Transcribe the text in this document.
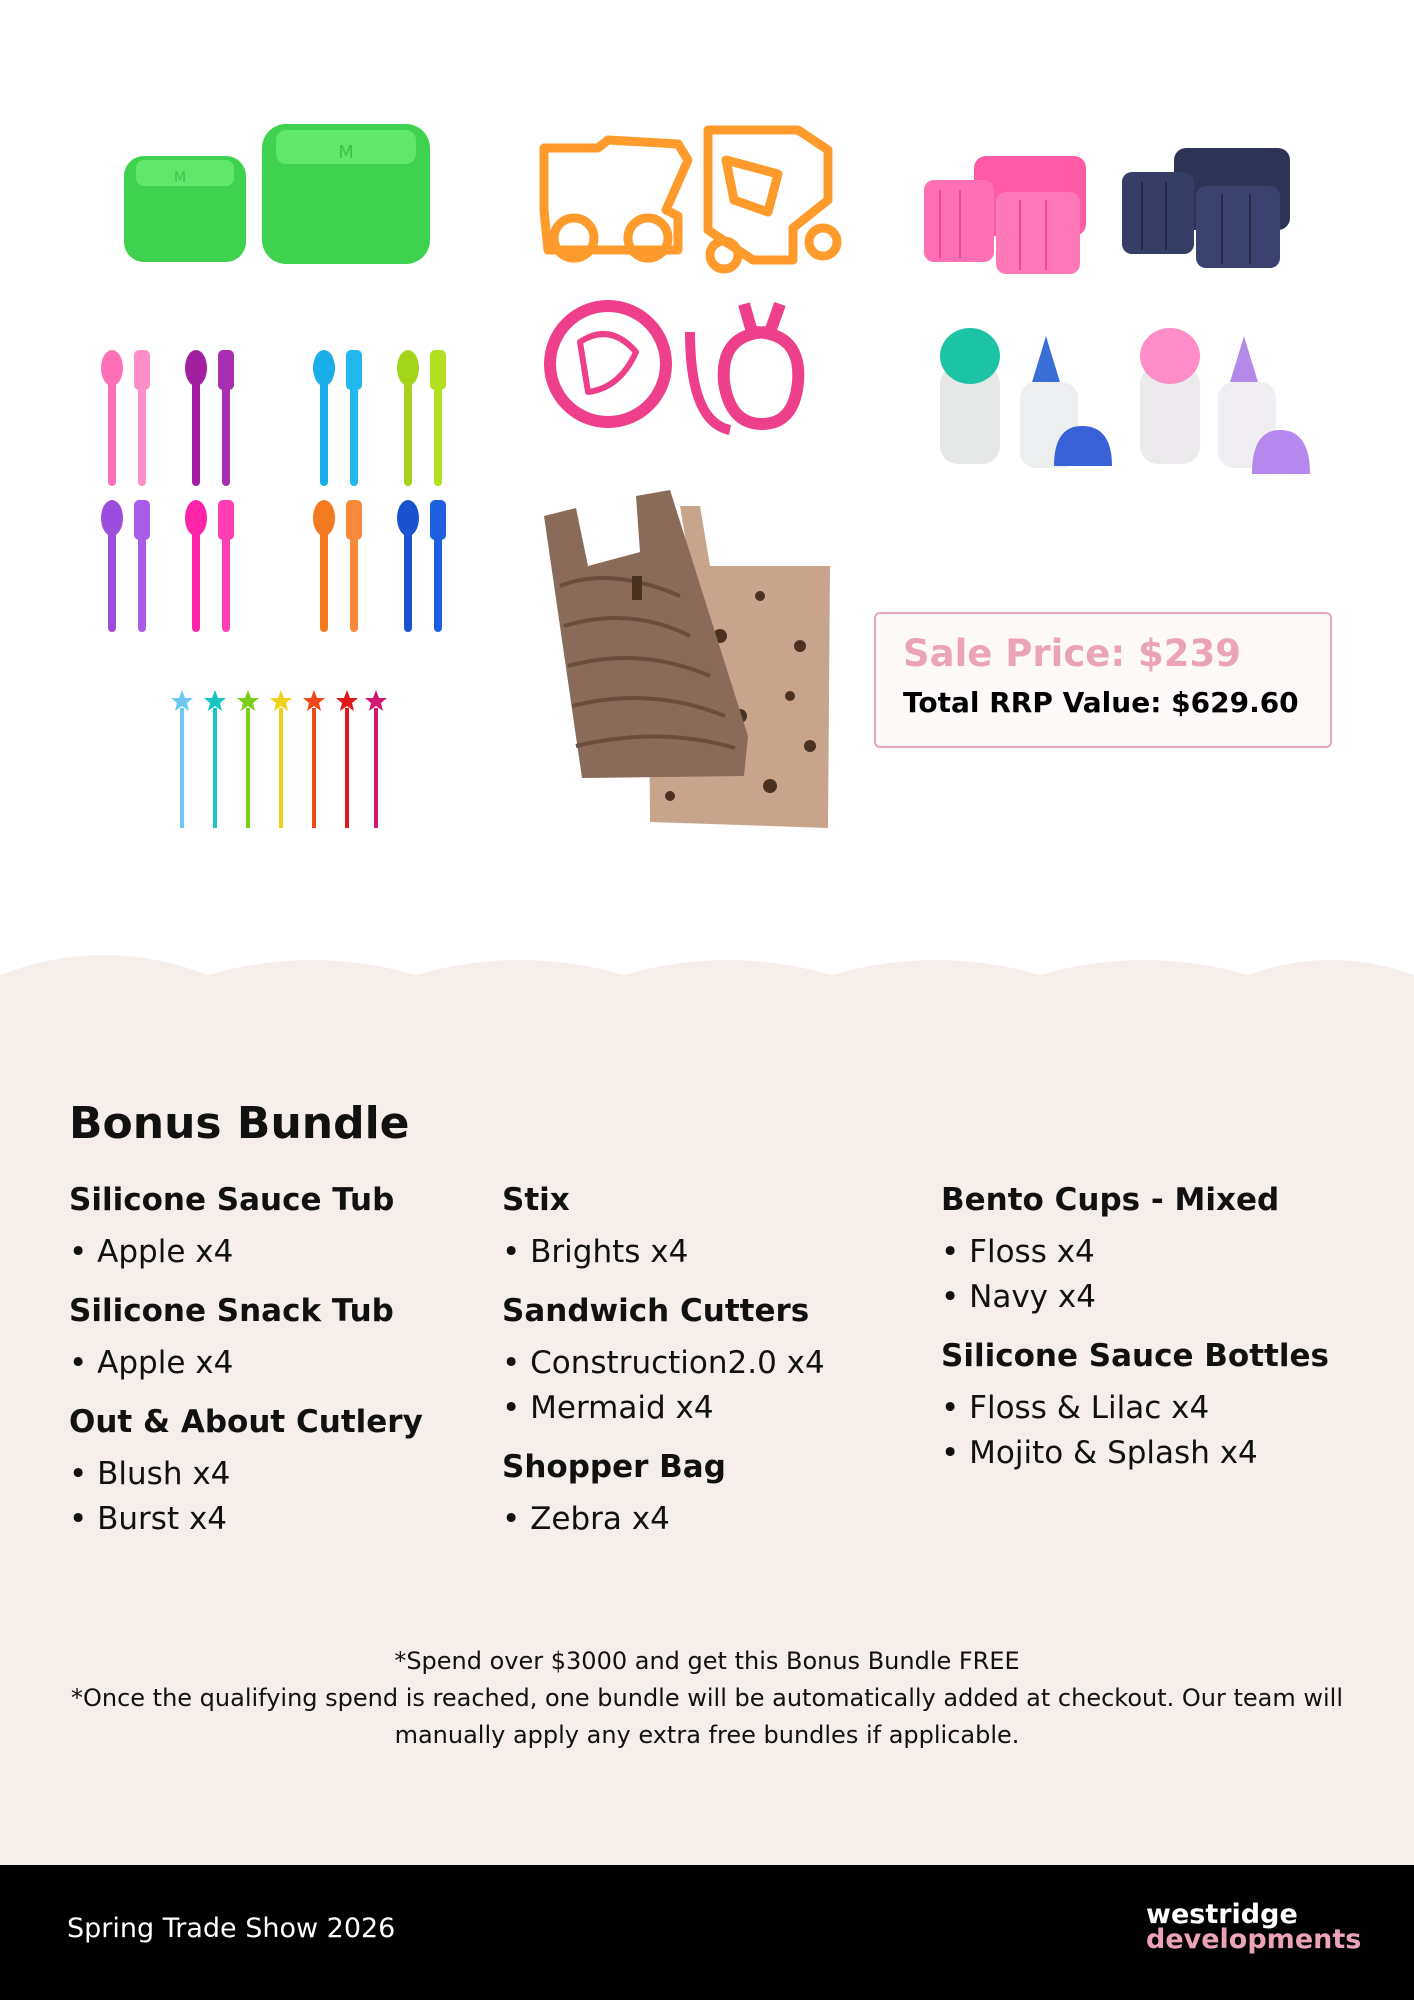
M
M
Sale Price: $239
Total RRP Value: $629.60
Bonus Bundle
Silicone Sauce Tub
• Apple x4
Silicone Snack Tub
• Apple x4
Out & About Cutlery
• Blush x4
• Burst x4
Stix
• Brights x4
Sandwich Cutters
• Construction2.0 x4
• Mermaid x4
Shopper Bag
• Zebra x4
Bento Cups - Mixed
• Floss x4
• Navy x4
Silicone Sauce Bottles
• Floss & Lilac x4
• Mojito & Splash x4
*Spend over $3000 and get this Bonus Bundle FREE
*Once the qualifying spend is reached, one bundle will be automatically added at checkout. Our team will manually apply any extra free bundles if applicable.
Spring Trade Show 2026	westridge
developments
